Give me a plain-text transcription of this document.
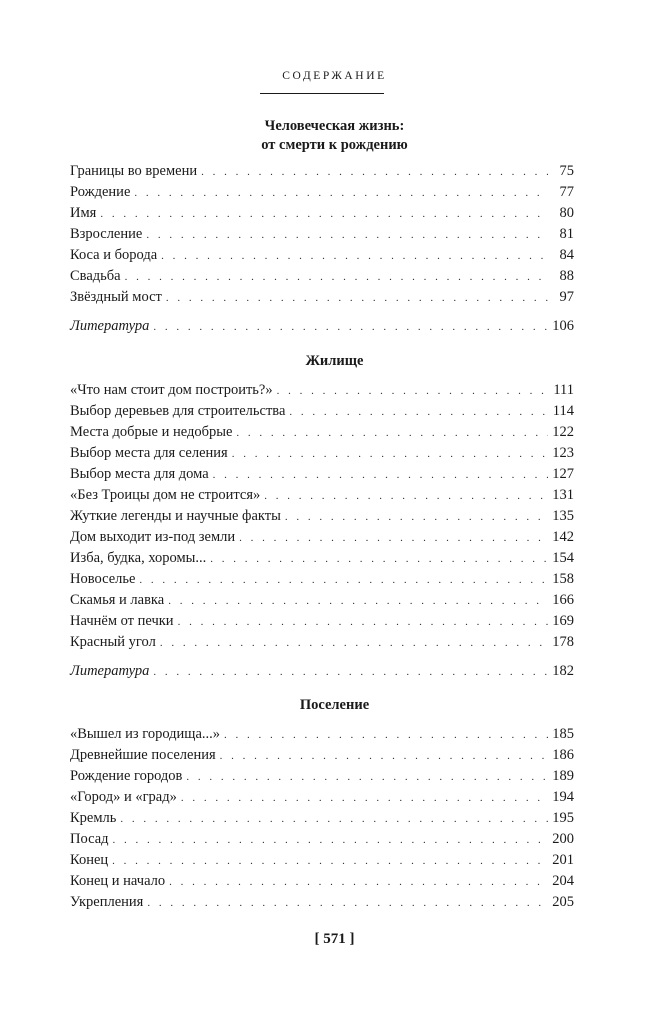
СОДЕРЖАНИЕ
Человеческая жизнь:
от смерти к рождению
Границы во времени . . .	75
Рождение . . .	77
Имя . . .	80
Взросление . . .	81
Коса и борода . . .	84
Свадьба . . .	88
Звёздный мост . . .	97
Литература . . .	106
Жилище
«Что нам стоит дом построить?» . . .	111
Выбор деревьев для строительства . . .	114
Места добрые и недобрые . . .	122
Выбор места для селения . . .	123
Выбор места для дома . . .	127
«Без Троицы дом не строится» . . .	131
Жуткие легенды и научные факты . . .	135
Дом выходит из-под земли . . .	142
Изба, будка, хоромы... . . .	154
Новоселье . . .	158
Скамья и лавка . . .	166
Начнём от печки . . .	169
Красный угол . . .	178
Литература . . .	182
Поселение
«Вышел из городища...» . . .	185
Древнейшие поселения . . .	186
Рождение городов . . .	189
«Город» и «град» . . .	194
Кремль . . .	195
Посад . . .	200
Конец . . .	201
Конец и начало . . .	204
Укрепления . . .	205
[ 571 ]
